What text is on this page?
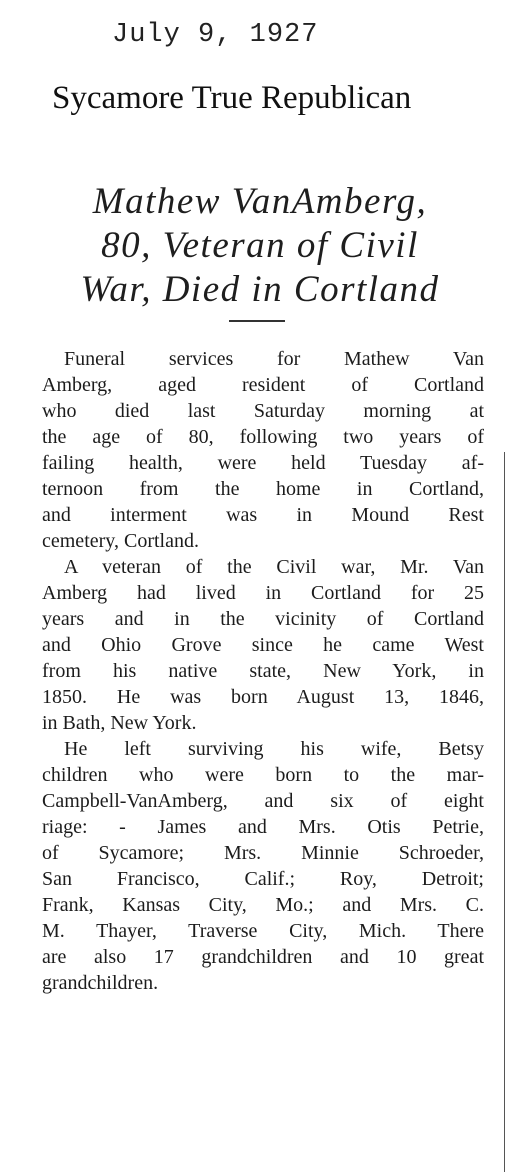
July 9, 1927
Sycamore True Republican
Mathew VanAmberg,
80, Veteran of Civil
War, Died in Cortland
Funeral services for Mathew Van
Amberg, aged resident of Cortland
who died last Saturday morning at
the age of 80, following two years of
failing health, were held Tuesday af-
ternoon from the home in Cortland,
and interment was in Mound Rest
cemetery, Cortland.
A veteran of the Civil war, Mr. Van
Amberg had lived in Cortland for 25
years and in the vicinity of Cortland
and Ohio Grove since he came West
from his native state, New York, in
1850. He was born August 13, 1846,
in Bath, New York.
He left surviving his wife, Betsy
children who were born to the mar-
Campbell-VanAmberg, and six of eight
riage: - James and Mrs. Otis Petrie,
of Sycamore; Mrs. Minnie Schroeder,
San Francisco, Calif.; Roy, Detroit;
Frank, Kansas City, Mo.; and Mrs. C.
M. Thayer, Traverse City, Mich. There
are also 17 grandchildren and 10 great
grandchildren.
